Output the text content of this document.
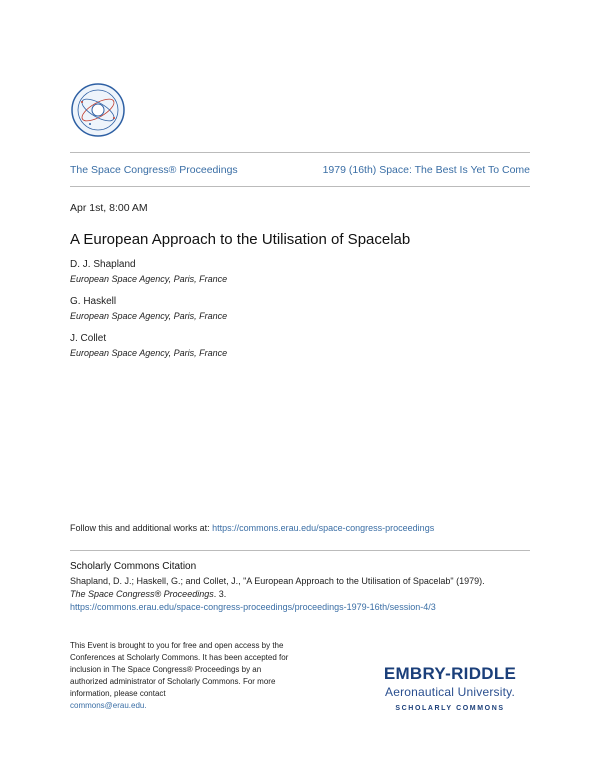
The Space Congress® Proceedings	1979 (16th) Space: The Best Is Yet To Come
Apr 1st, 8:00 AM
A European Approach to the Utilisation of Spacelab
D. J. Shapland
European Space Agency, Paris, France
G. Haskell
European Space Agency, Paris, France
J. Collet
European Space Agency, Paris, France
Follow this and additional works at: https://commons.erau.edu/space-congress-proceedings
Scholarly Commons Citation
Shapland, D. J.; Haskell, G.; and Collet, J., "A European Approach to the Utilisation of Spacelab" (1979).
The Space Congress® Proceedings. 3.
https://commons.erau.edu/space-congress-proceedings/proceedings-1979-16th/session-4/3
This Event is brought to you for free and open access by the Conferences at Scholarly Commons. It has been accepted for inclusion in The Space Congress® Proceedings by an authorized administrator of Scholarly Commons. For more information, please contact
commons@erau.edu.
EMBRY-RIDDLE
Aeronautical University.
SCHOLARLY COMMONS
